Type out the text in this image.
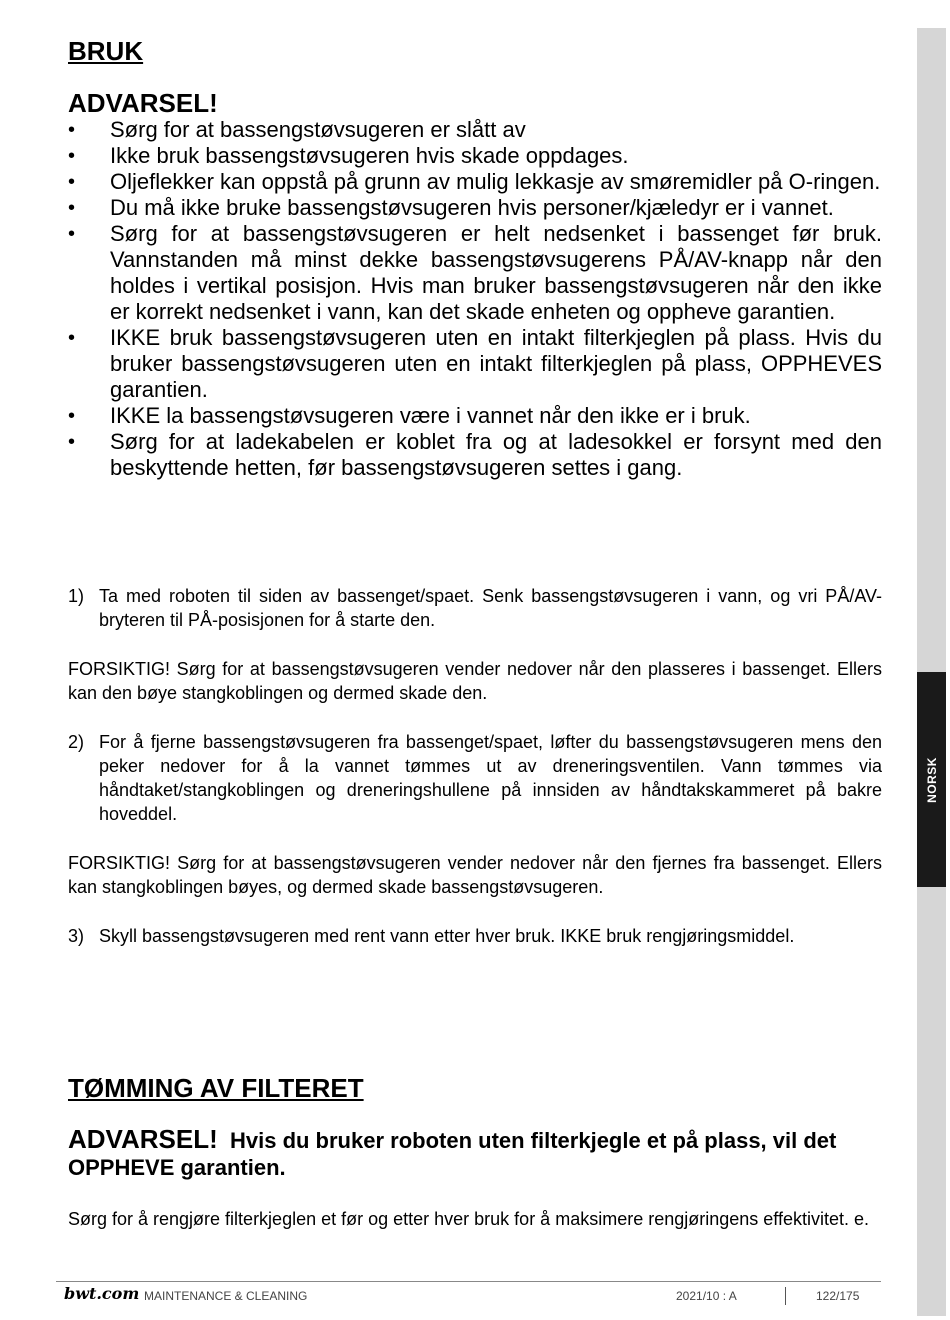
NORSK
BRUK
ADVARSEL!
• Sørg for at bassengstøvsugeren er slått av
• Ikke bruk bassengstøvsugeren hvis skade oppdages.
• Oljeflekker kan oppstå på grunn av mulig lekkasje av smøremidler på O-ringen.
• Du må ikke bruke bassengstøvsugeren hvis personer/kjæledyr er i vannet.
• Sørg for at bassengstøvsugeren er helt nedsenket i bassenget før bruk. Vannstanden må minst dekke bassengstøvsugerens PÅ/AV-knapp når den holdes i vertikal posisjon. Hvis man bruker bassengstøvsugeren når den ikke er korrekt nedsenket i vann, kan det skade enheten og oppheve garantien.
• IKKE bruk bassengstøvsugeren uten en intakt filterkjeglen på plass. Hvis du bruker bassengstøvsugeren uten en intakt filterkjeglen på plass, OPPHEVES garantien.
• IKKE la bassengstøvsugeren være i vannet når den ikke er i bruk.
• Sørg for at ladekabelen er koblet fra og at ladesokkel er forsynt med den beskyttende hetten, før bassengstøvsugeren settes i gang.
1) Ta med roboten til siden av bassenget/spaet. Senk bassengstøvsugeren i vann, og vri PÅ/AV-bryteren til PÅ-posisjonen for å starte den.

FORSIKTIG! Sørg for at bassengstøvsugeren vender nedover når den plasseres i bassenget. Ellers kan den bøye stangkoblingen og dermed skade den.

2) For å fjerne bassengstøvsugeren fra bassenget/spaet, løfter du bassengstøvsugeren mens den peker nedover for å la vannet tømmes ut av dreneringsventilen. Vann tømmes via håndtaket/stangkoblingen og dreneringshullene på innsiden av håndtakskammeret på bakre hoveddel.

FORSIKTIG! Sørg for at bassengstøvsugeren vender nedover når den fjernes fra bassenget. Ellers kan stangkoblingen bøyes, og dermed skade bassengstøvsugeren.

3) Skyll bassengstøvsugeren med rent vann etter hver bruk. IKKE bruk rengjøringsmiddel.
TØMMING AV FILTERET

ADVARSEL! Hvis du bruker roboten uten filterkjegle et på plass, vil det OPPHEVE garantien.

Sørg for å rengjøre filterkjeglen et før og etter hver bruk for å maksimere rengjøringens effektivitet. e.

bwt.com MAINTENANCE & CLEANING	2021/10 : A	122/175
